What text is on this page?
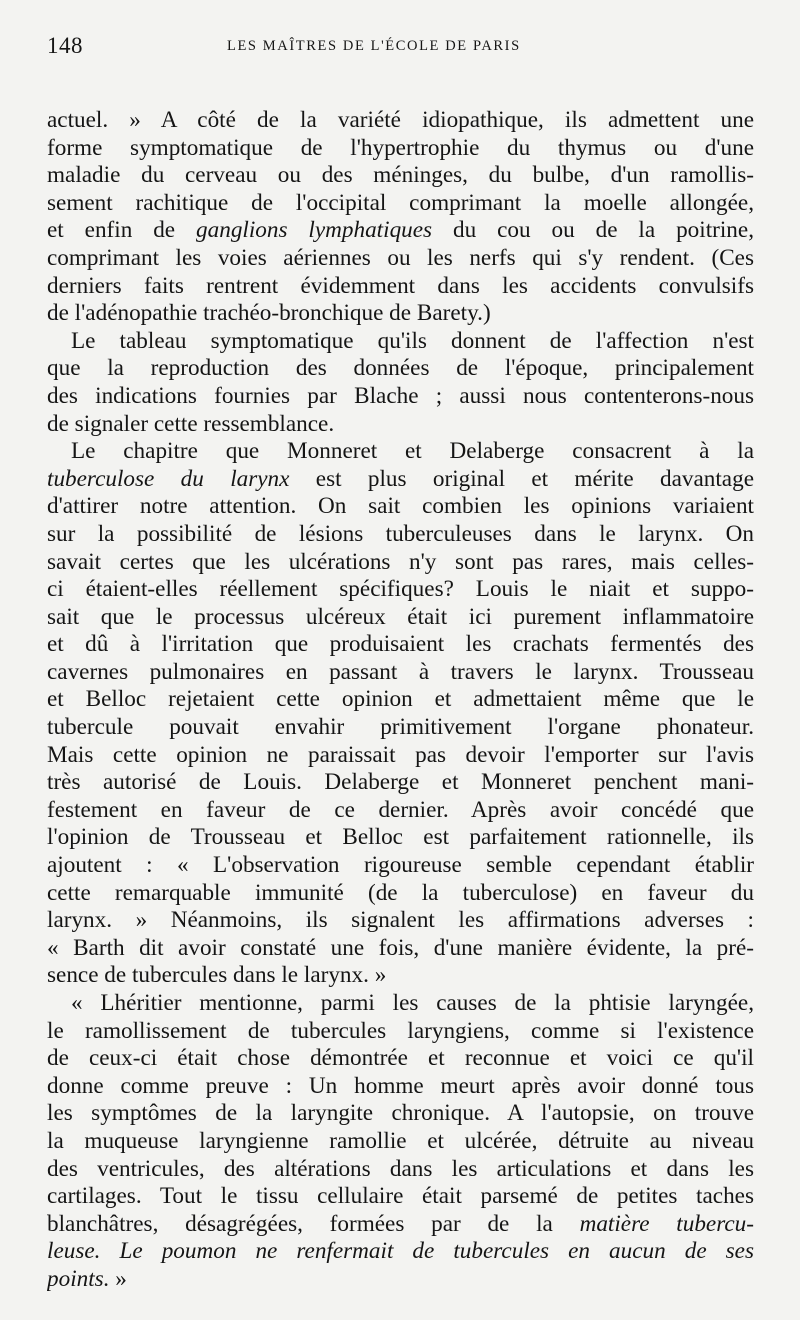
148	LES MAÎTRES DE L'ÉCOLE DE PARIS

actuel. » A côté de la variété idiopathique, ils admettent une
forme symptomatique de l'hypertrophie du thymus ou d'une
maladie du cerveau ou des méninges, du bulbe, d'un ramollis-
sement rachitique de l'occipital comprimant la moelle allongée,
et enfin de ganglions lymphatiques du cou ou de la poitrine,
comprimant les voies aériennes ou les nerfs qui s'y rendent. (Ces
derniers faits rentrent évidemment dans les accidents convulsifs
de l'adénopathie trachéo-bronchique de Barety.)

Le tableau symptomatique qu'ils donnent de l'affection n'est
que la reproduction des données de l'époque, principalement
des indications fournies par Blache ; aussi nous contenterons-nous
de signaler cette ressemblance.

Le chapitre que Monneret et Delaberge consacrent à la
tuberculose du larynx est plus original et mérite davantage
d'attirer notre attention. On sait combien les opinions variaient
sur la possibilité de lésions tuberculeuses dans le larynx. On
savait certes que les ulcérations n'y sont pas rares, mais celles-
ci étaient-elles réellement spécifiques? Louis le niait et suppo-
sait que le processus ulcéreux était ici purement inflammatoire
et dû à l'irritation que produisaient les crachats fermentés des
cavernes pulmonaires en passant à travers le larynx. Trousseau
et Belloc rejetaient cette opinion et admettaient même que le
tubercule pouvait envahir primitivement l'organe phonateur.
Mais cette opinion ne paraissait pas devoir l'emporter sur l'avis
très autorisé de Louis. Delaberge et Monneret penchent mani-
festement en faveur de ce dernier. Après avoir concédé que
l'opinion de Trousseau et Belloc est parfaitement rationnelle, ils
ajoutent : « L'observation rigoureuse semble cependant établir
cette remarquable immunité (de la tuberculose) en faveur du
larynx. » Néanmoins, ils signalent les affirmations adverses :
« Barth dit avoir constaté une fois, d'une manière évidente, la pré-
sence de tubercules dans le larynx. »

« Lhéritier mentionne, parmi les causes de la phtisie laryngée,
le ramollissement de tubercules laryngiens, comme si l'existence
de ceux-ci était chose démontrée et reconnue et voici ce qu'il
donne comme preuve : Un homme meurt après avoir donné tous
les symptômes de la laryngite chronique. A l'autopsie, on trouve
la muqueuse laryngienne ramollie et ulcérée, détruite au niveau
des ventricules, des altérations dans les articulations et dans les
cartilages. Tout le tissu cellulaire était parsemé de petites taches
blanchâtres, désagrégées, formées par de la matière tubercu-
leuse. Le poumon ne renfermait de tubercules en aucun de ses
points. »
